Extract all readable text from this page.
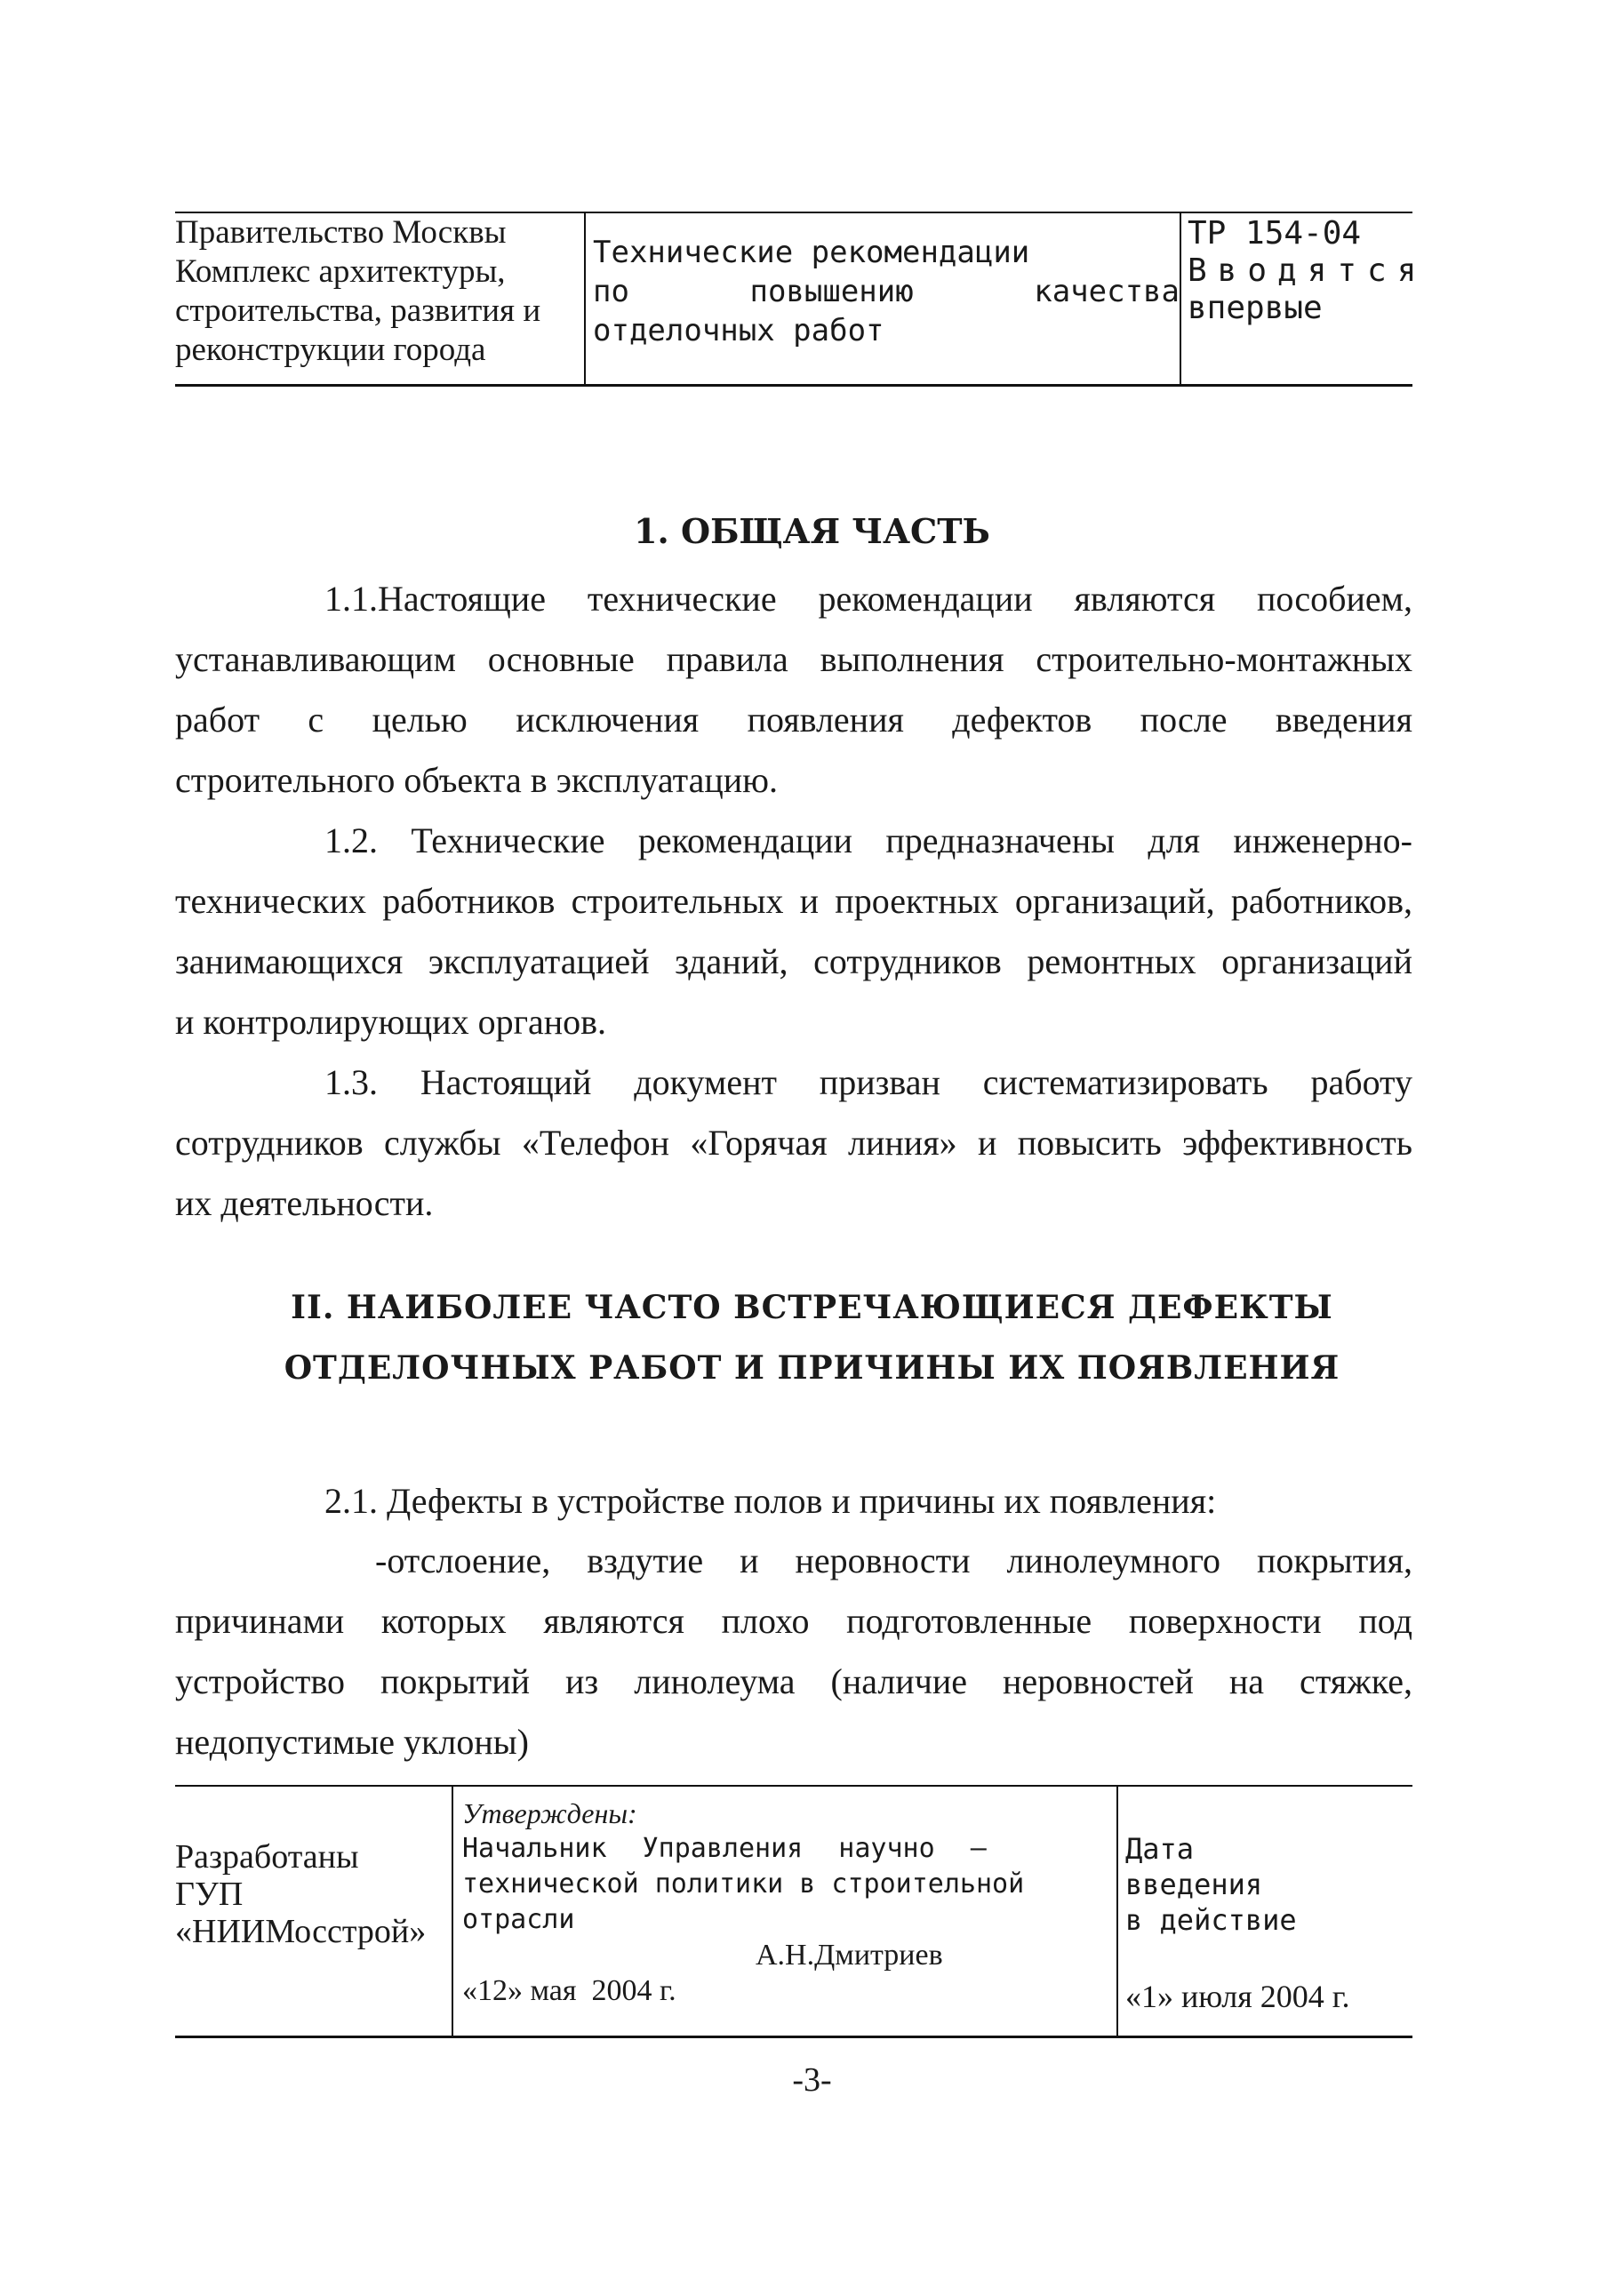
Правительство Москвы
Комплекс архитектуры,
строительства, развития и
реконструкции города
Технические рекомендации
по	повышению	качества
отделочных работ
ТР 154-04
Вводятся
впервые
1. ОБЩАЯ ЧАСТЬ
1.1.Настоящие технические рекомендации являются пособием,
устанавливающим основные правила выполнения строительно-монтажных
работ с целью исключения появления дефектов после введения
строительного объекта в эксплуатацию.
1.2. Технические рекомендации предназначены для инженерно-
технических работников строительных и проектных организаций, работников,
занимающихся эксплуатацией зданий, сотрудников ремонтных организаций
и контролирующих органов.
1.3. Настоящий документ призван систематизировать работу
сотрудников службы «Телефон «Горячая линия» и повысить эффективность
их деятельности.
II. НАИБОЛЕЕ ЧАСТО ВСТРЕЧАЮЩИЕСЯ ДЕФЕКТЫ
ОТДЕЛОЧНЫХ РАБОТ И ПРИЧИНЫ ИХ ПОЯВЛЕНИЯ
2.1. Дефекты в устройстве полов и причины их появления:
-отслоение, вздутие и неровности линолеумного покрытия,
причинами которых являются плохо подготовленные поверхности под
устройство покрытий из линолеума (наличие неровностей на стяжке,
недопустимые уклоны)
Разработаны
ГУП
«НИИМосстрой»
Утверждены:
Начальник Управления научно —
технической политики в строительной
отрасли
А.Н.Дмитриев
«12» мая  2004 г.
Дата
введения
в действие
«1» июля 2004 г.
-3-
